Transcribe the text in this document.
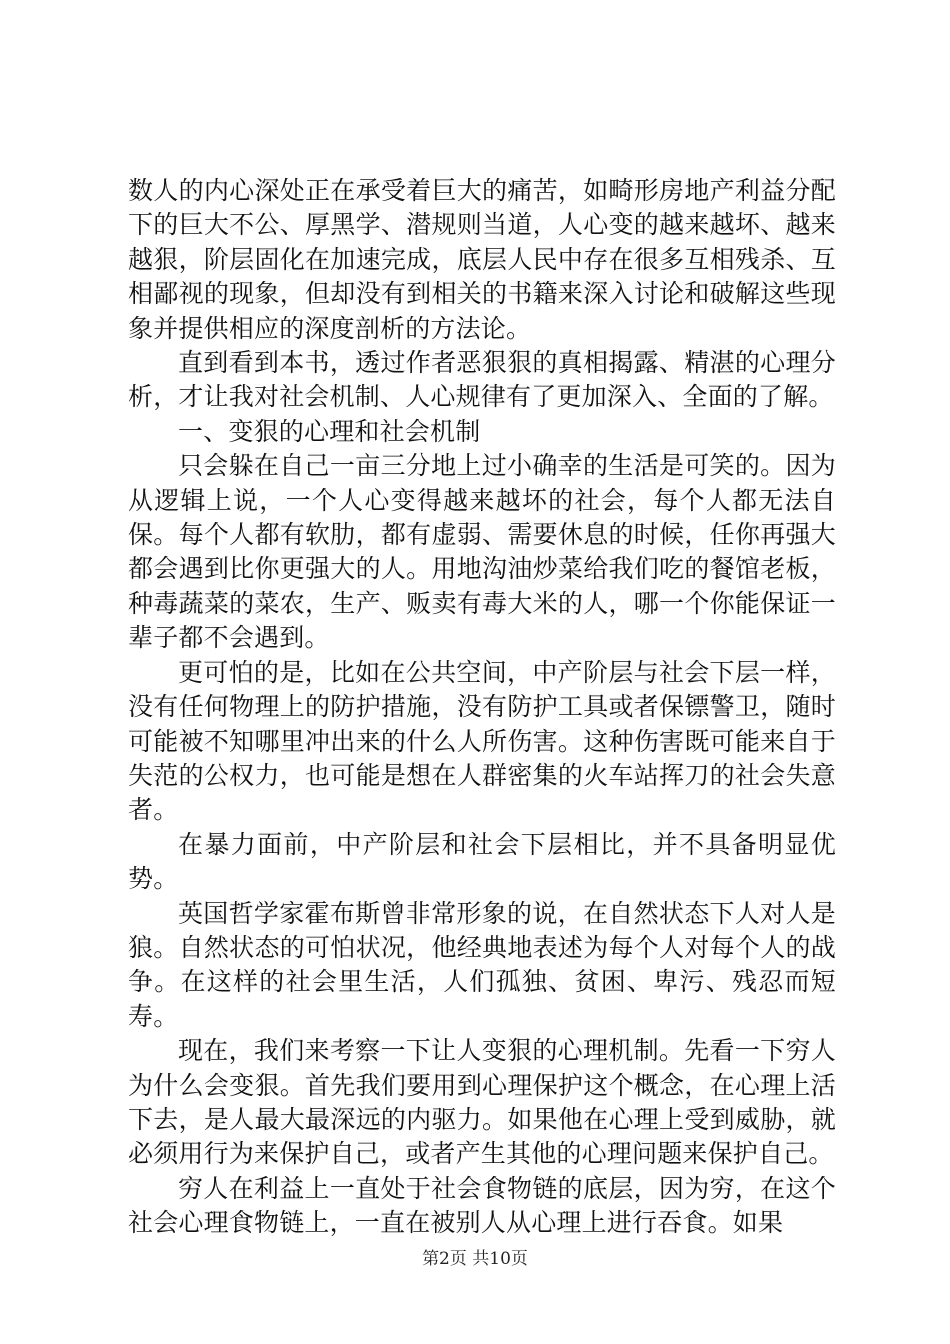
数人的内心深处正在承受着巨大的痛苦，如畸形房地产利益分配下的巨大不公、厚黑学、潜规则当道，人心变的越来越坏、越来越狠，阶层固化在加速完成，底层人民中存在很多互相残杀、互相鄙视的现象，但却没有到相关的书籍来深入讨论和破解这些现象并提供相应的深度剖析的方法论。

直到看到本书，透过作者恶狠狠的真相揭露、精湛的心理分析，才让我对社会机制、人心规律有了更加深入、全面的了解。

一、变狠的心理和社会机制

只会躲在自己一亩三分地上过小确幸的生活是可笑的。因为从逻辑上说，一个人心变得越来越坏的社会，每个人都无法自保。每个人都有软肋，都有虚弱、需要休息的时候，任你再强大都会遇到比你更强大的人。用地沟油炒菜给我们吃的餐馆老板，种毒蔬菜的菜农，生产、贩卖有毒大米的人，哪一个你能保证一辈子都不会遇到。

更可怕的是，比如在公共空间，中产阶层与社会下层一样，没有任何物理上的防护措施，没有防护工具或者保镖警卫，随时可能被不知哪里冲出来的什么人所伤害。这种伤害既可能来自于失范的公权力，也可能是想在人群密集的火车站挥刀的社会失意者。

在暴力面前，中产阶层和社会下层相比，并不具备明显优势。

英国哲学家霍布斯曾非常形象的说，在自然状态下人对人是狼。自然状态的可怕状况，他经典地表述为每个人对每个人的战争。在这样的社会里生活，人们孤独、贫困、卑污、残忍而短寿。

现在，我们来考察一下让人变狠的心理机制。先看一下穷人为什么会变狠。首先我们要用到心理保护这个概念，在心理上活下去，是人最大最深远的内驱力。如果他在心理上受到威胁，就必须用行为来保护自己，或者产生其他的心理问题来保护自己。

穷人在利益上一直处于社会食物链的底层，因为穷，在这个社会心理食物链上，一直在被别人从心理上进行吞食。如果

第2页 共10页
